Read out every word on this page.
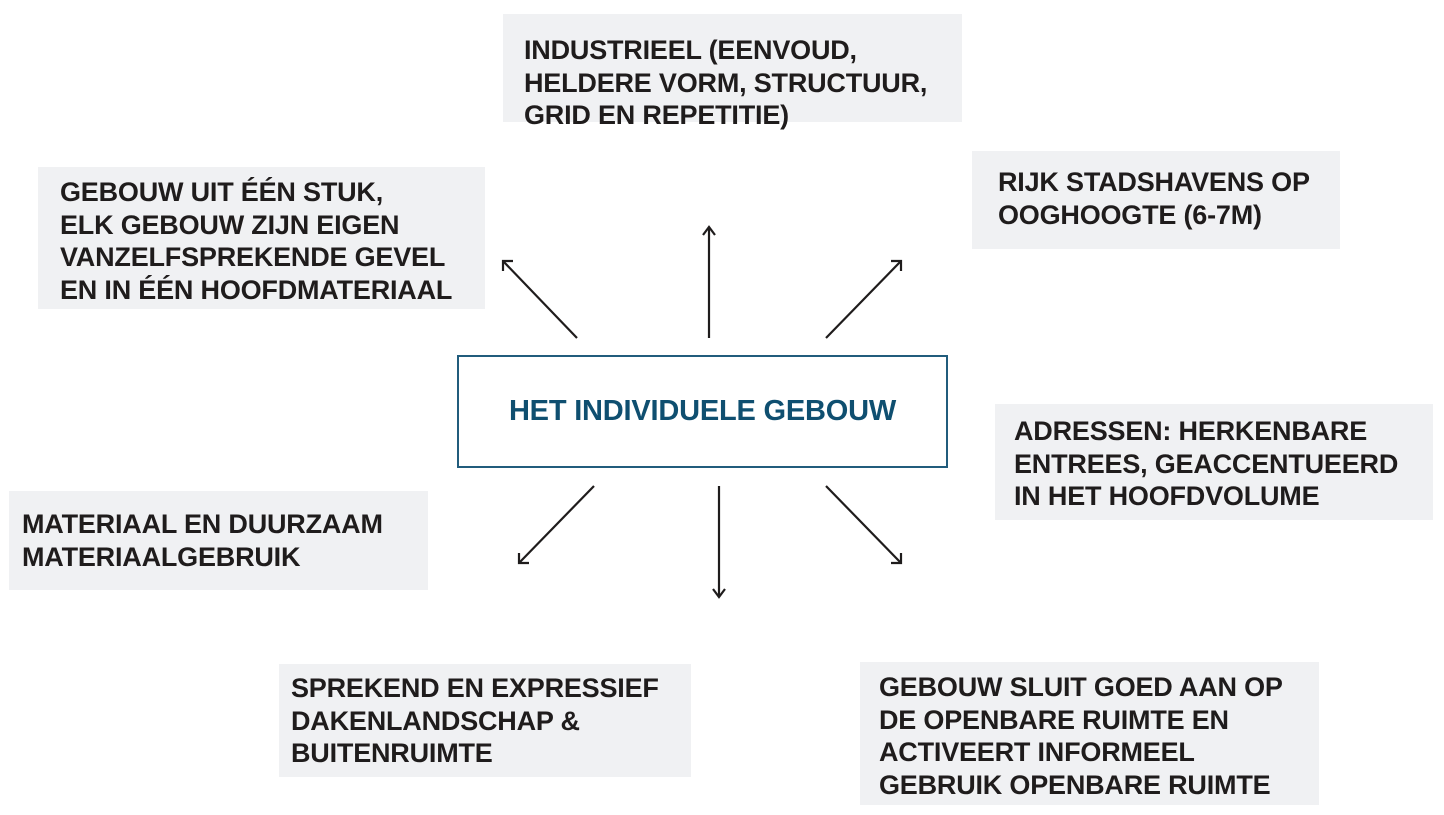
HET INDIVIDUELE GEBOUW
INDUSTRIEEL (EENVOUD,
HELDERE VORM, STRUCTUUR,
GRID EN REPETITIE)
GEBOUW UIT ÉÉN STUK,
ELK GEBOUW ZIJN EIGEN
VANZELFSPREKENDE GEVEL
EN IN ÉÉN HOOFDMATERIAAL
RIJK STADSHAVENS OP
OOGHOOGTE (6-7M)
ADRESSEN: HERKENBARE
ENTREES, GEACCENTUEERD
IN HET HOOFDVOLUME
MATERIAAL EN DUURZAAM
MATERIAALGEBRUIK
SPREKEND EN EXPRESSIEF
DAKENLANDSCHAP &
BUITENRUIMTE
GEBOUW SLUIT GOED AAN OP
DE OPENBARE RUIMTE EN
ACTIVEERT INFORMEEL
GEBRUIK OPENBARE RUIMTE
